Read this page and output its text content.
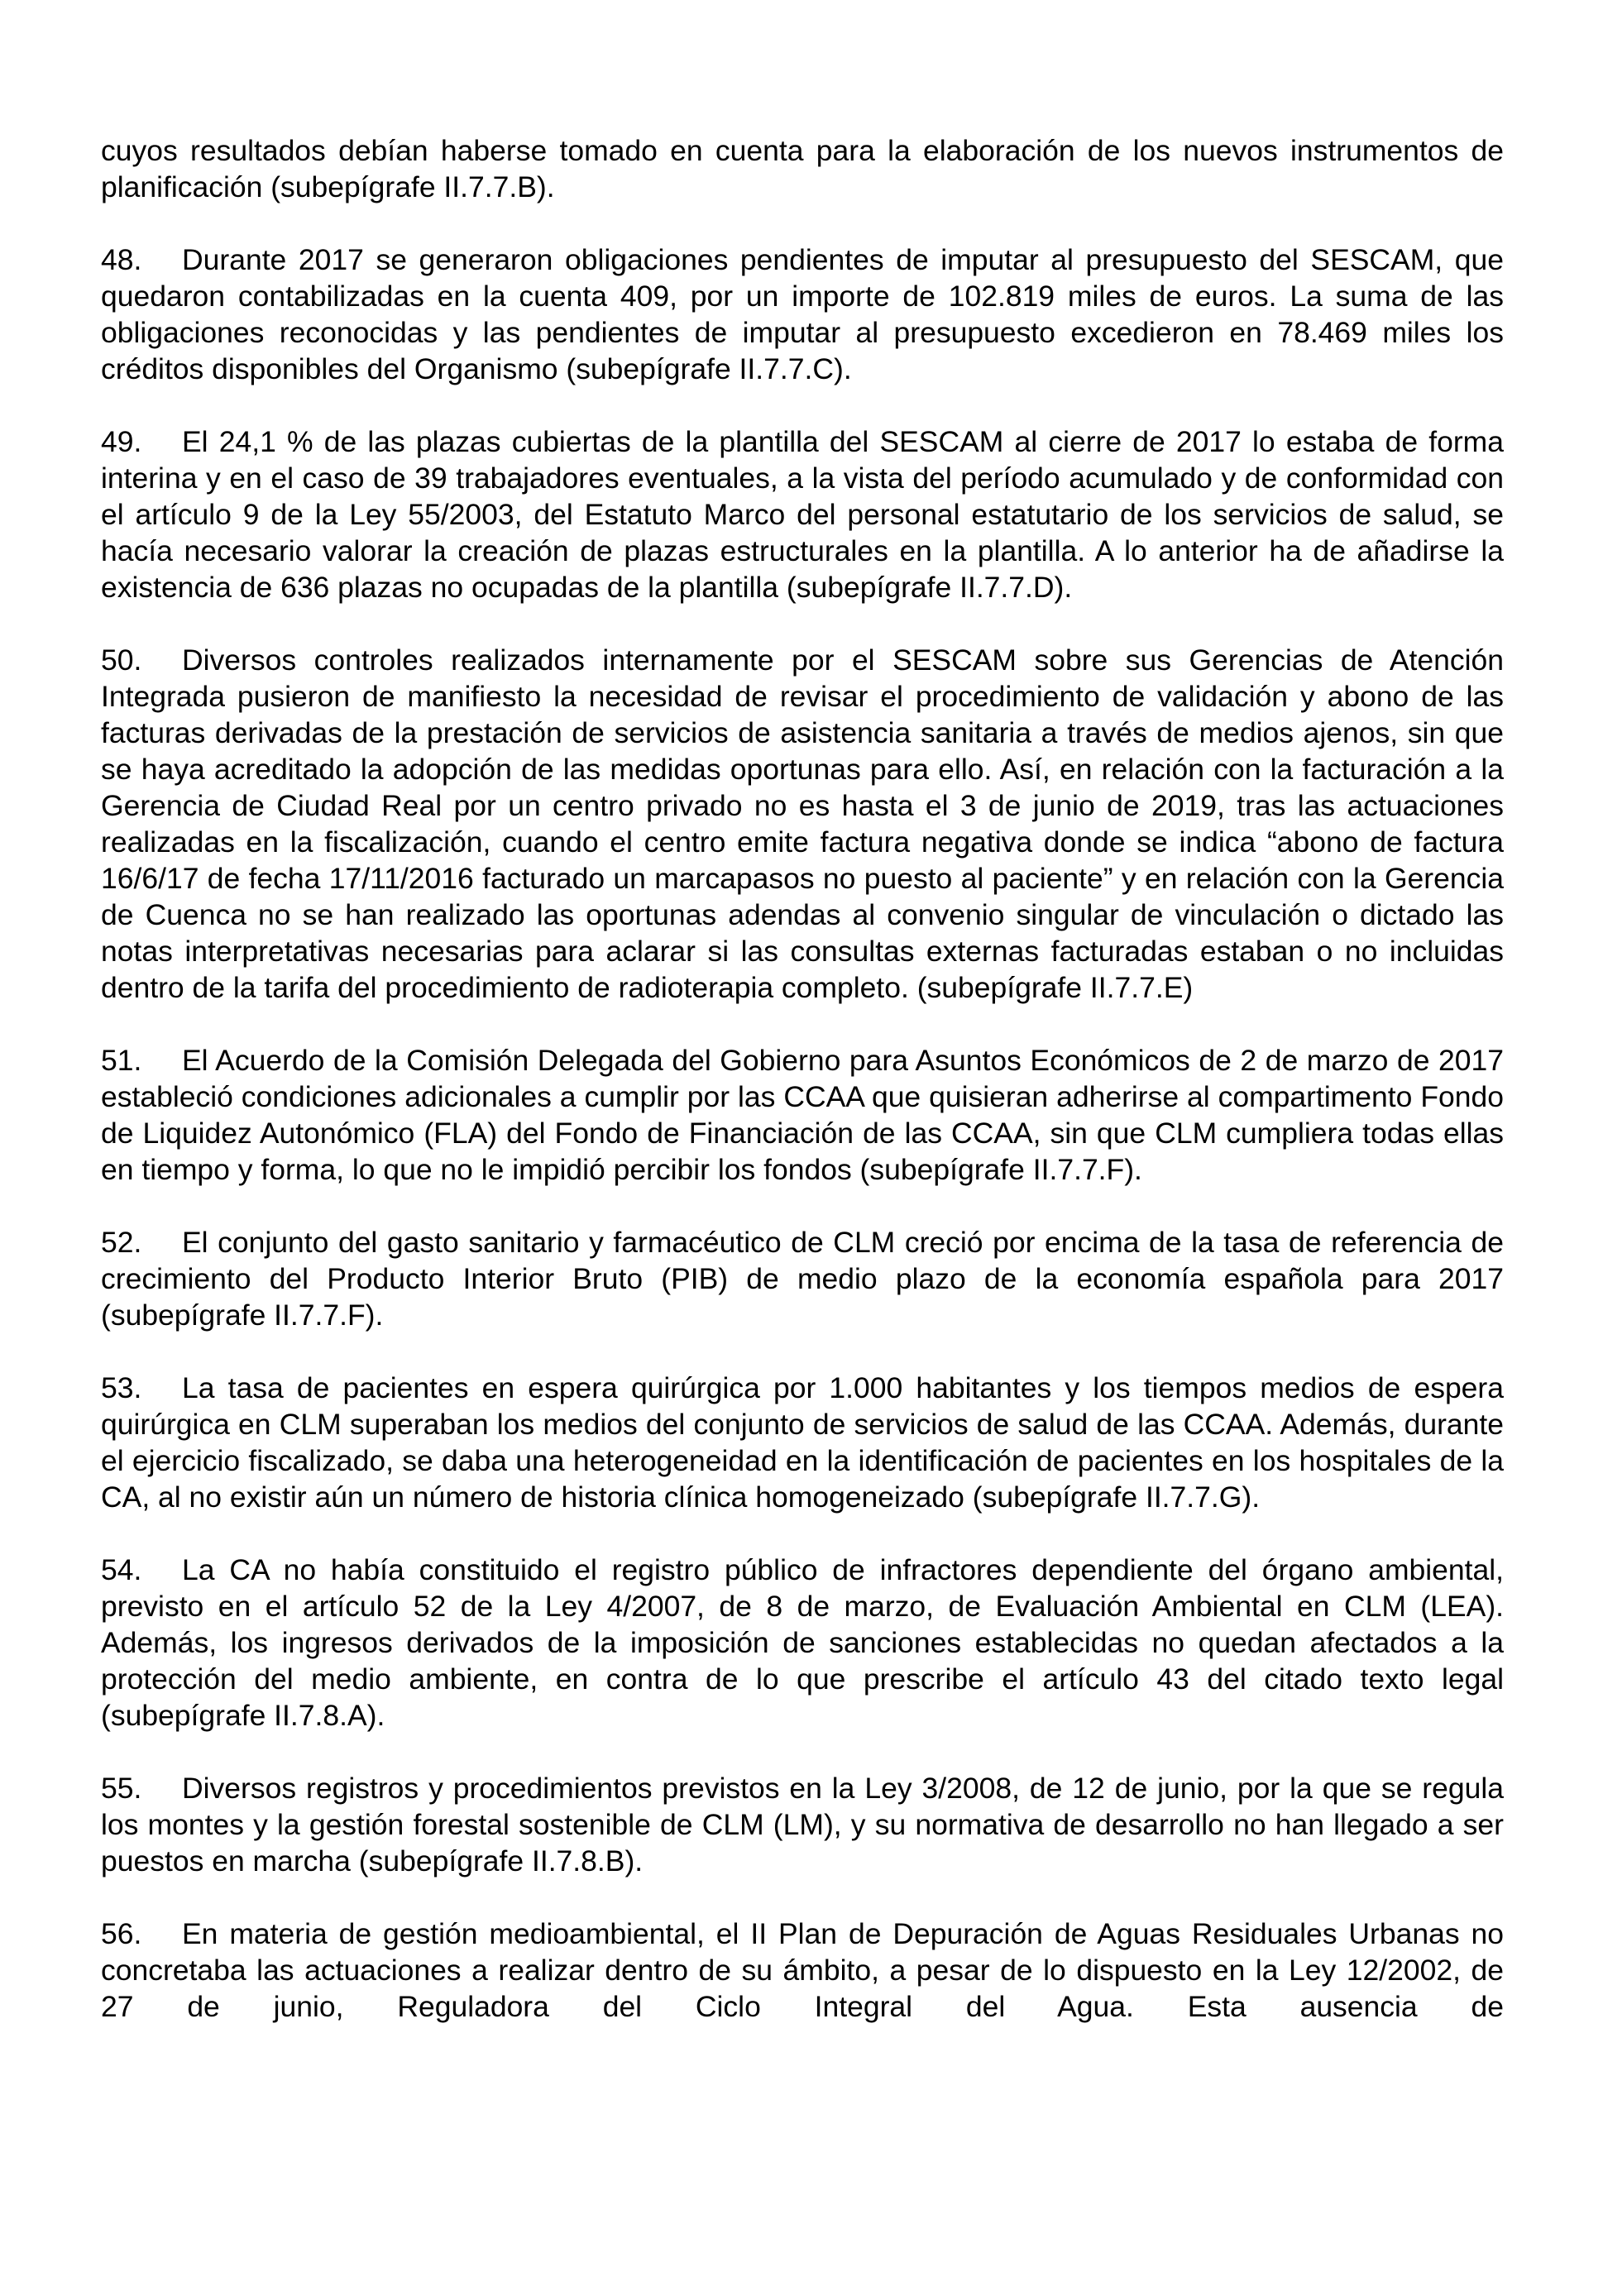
cuyos resultados debían haberse tomado en cuenta para la elaboración de los nuevos instrumentos de planificación (subepígrafe II.7.7.B).

48. Durante 2017 se generaron obligaciones pendientes de imputar al presupuesto del SESCAM, que quedaron contabilizadas en la cuenta 409, por un importe de 102.819 miles de euros. La suma de las obligaciones reconocidas y las pendientes de imputar al presupuesto excedieron en 78.469 miles los créditos disponibles del Organismo (subepígrafe II.7.7.C).

49. El 24,1 % de las plazas cubiertas de la plantilla del SESCAM al cierre de 2017 lo estaba de forma interina y en el caso de 39 trabajadores eventuales, a la vista del período acumulado y de conformidad con el artículo 9 de la Ley 55/2003, del Estatuto Marco del personal estatutario de los servicios de salud, se hacía necesario valorar la creación de plazas estructurales en la plantilla. A lo anterior ha de añadirse la existencia de 636 plazas no ocupadas de la plantilla (subepígrafe II.7.7.D).

50. Diversos controles realizados internamente por el SESCAM sobre sus Gerencias de Atención Integrada pusieron de manifiesto la necesidad de revisar el procedimiento de validación y abono de las facturas derivadas de la prestación de servicios de asistencia sanitaria a través de medios ajenos, sin que se haya acreditado la adopción de las medidas oportunas para ello. Así, en relación con la facturación a la Gerencia de Ciudad Real por un centro privado no es hasta el 3 de junio de 2019, tras las actuaciones realizadas en la fiscalización, cuando el centro emite factura negativa donde se indica “abono de factura 16/6/17 de fecha 17/11/2016 facturado un marcapasos no puesto al paciente” y en relación con la Gerencia de Cuenca no se han realizado las oportunas adendas al convenio singular de vinculación o dictado las notas interpretativas necesarias para aclarar si las consultas externas facturadas estaban o no incluidas dentro de la tarifa del procedimiento de radioterapia completo. (subepígrafe II.7.7.E)

51. El Acuerdo de la Comisión Delegada del Gobierno para Asuntos Económicos de 2 de marzo de 2017 estableció condiciones adicionales a cumplir por las CCAA que quisieran adherirse al compartimento Fondo de Liquidez Autonómico (FLA) del Fondo de Financiación de las CCAA, sin que CLM cumpliera todas ellas en tiempo y forma, lo que no le impidió percibir los fondos (subepígrafe II.7.7.F).

52. El conjunto del gasto sanitario y farmacéutico de CLM creció por encima de la tasa de referencia de crecimiento del Producto Interior Bruto (PIB) de medio plazo de la economía española para 2017 (subepígrafe II.7.7.F).

53. La tasa de pacientes en espera quirúrgica por 1.000 habitantes y los tiempos medios de espera quirúrgica en CLM superaban los medios del conjunto de servicios de salud de las CCAA. Además, durante el ejercicio fiscalizado, se daba una heterogeneidad en la identificación de pacientes en los hospitales de la CA, al no existir aún un número de historia clínica homogeneizado (subepígrafe II.7.7.G).

54. La CA no había constituido el registro público de infractores dependiente del órgano ambiental, previsto en el artículo 52 de la Ley 4/2007, de 8 de marzo, de Evaluación Ambiental en CLM (LEA). Además, los ingresos derivados de la imposición de sanciones establecidas no quedan afectados a la protección del medio ambiente, en contra de lo que prescribe el artículo 43 del citado texto legal (subepígrafe II.7.8.A).

55. Diversos registros y procedimientos previstos en la Ley 3/2008, de 12 de junio, por la que se regula los montes y la gestión forestal sostenible de CLM (LM), y su normativa de desarrollo no han llegado a ser puestos en marcha (subepígrafe II.7.8.B).

56. En materia de gestión medioambiental, el II Plan de Depuración de Aguas Residuales Urbanas no concretaba las actuaciones a realizar dentro de su ámbito, a pesar de lo dispuesto en la Ley 12/2002, de 27 de junio, Reguladora del Ciclo Integral del Agua. Esta ausencia de
